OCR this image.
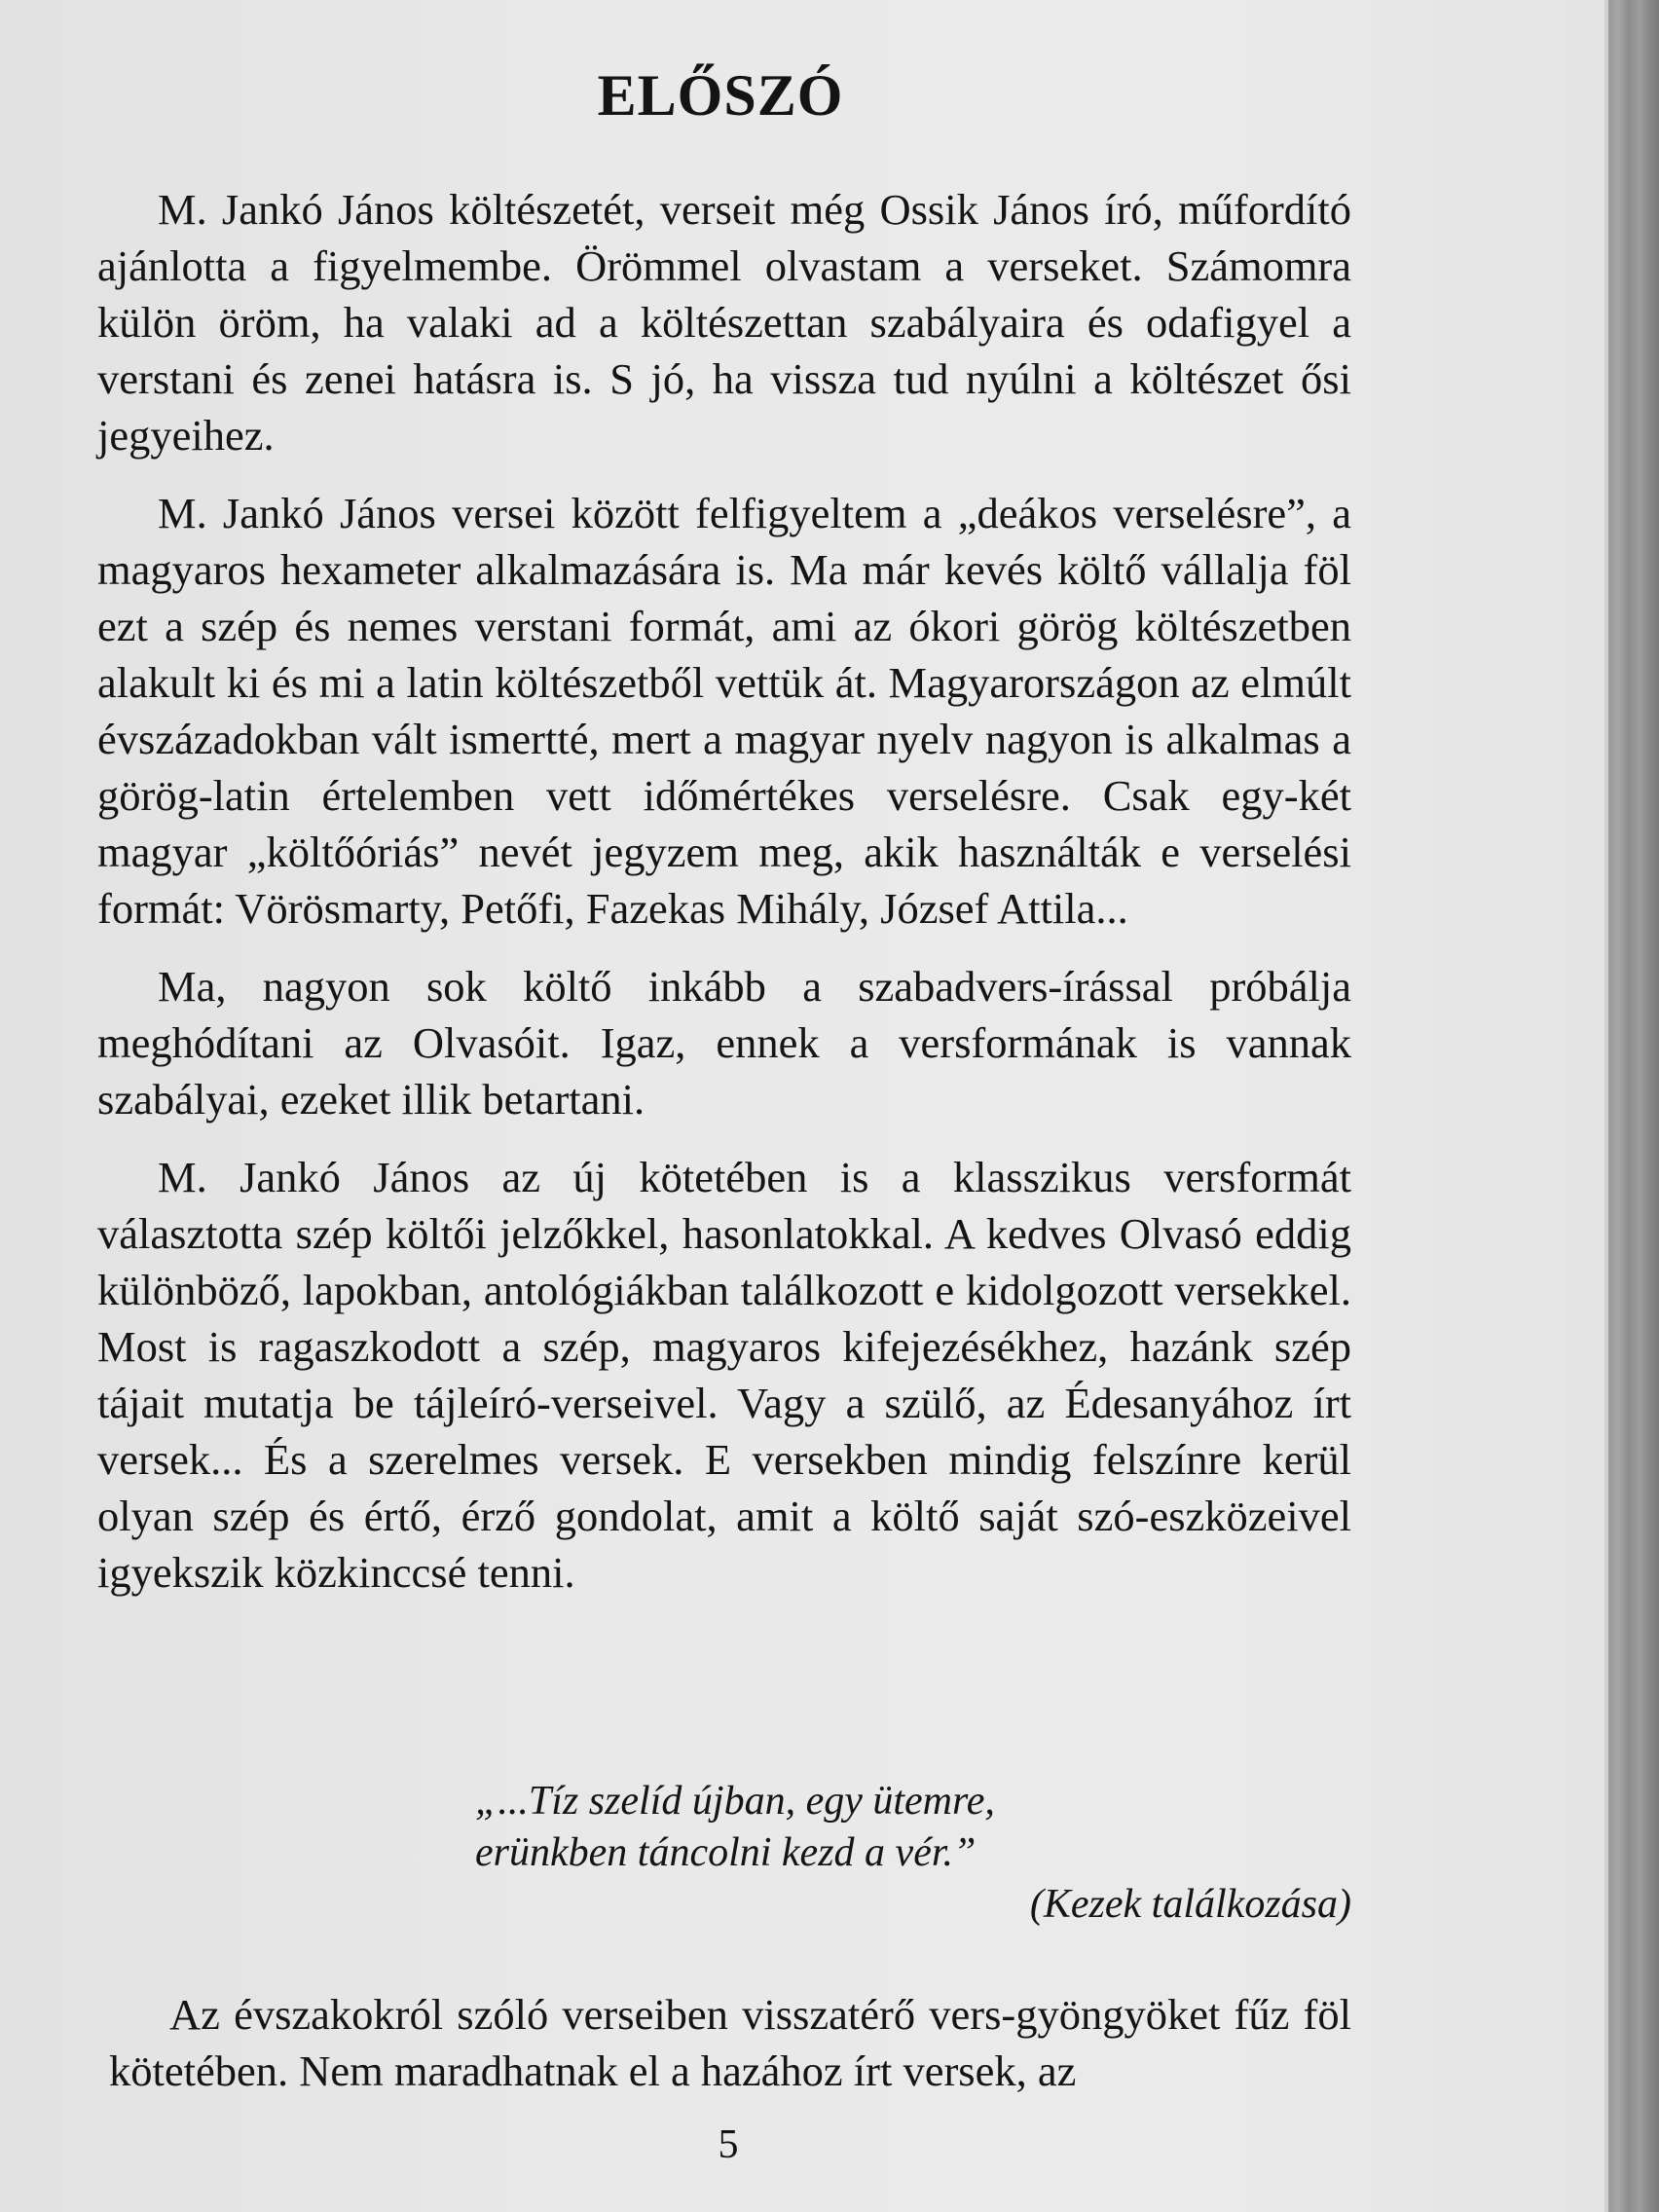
ELŐSZÓ

M. Jankó János költészetét, verseit még Ossik János író, műfordító ajánlotta a figyelmembe. Örömmel olvastam a verseket. Számomra külön öröm, ha valaki ad a költészettan szabályaira és odafigyel a verstani és zenei hatásra is. S jó, ha vissza tud nyúlni a költészet ősi jegyeihez.

M. Jankó János versei között felfigyeltem a „deákos verselésre”, a magyaros hexameter alkalmazására is. Ma már kevés költő vállalja föl ezt a szép és nemes verstani formát, ami az ókori görög költészetben alakult ki és mi a latin költészetből vettük át. Magyarországon az elmúlt évszázadokban vált ismertté, mert a magyar nyelv nagyon is alkalmas a görög-latin értelemben vett időmértékes verselésre. Csak egy-két magyar „költőóriás” nevét jegyzem meg, akik használták e verselési formát: Vörösmarty, Petőfi, Fazekas Mihály, József Attila...

Ma, nagyon sok költő inkább a szabadvers-írással próbálja meghódítani az Olvasóit. Igaz, ennek a versformának is vannak szabályai, ezeket illik betartani.

M. Jankó János az új kötetében is a klasszikus versformát választotta szép költői jelzőkkel, hasonlatokkal. A kedves Olvasó eddig különböző, lapokban, antológiákban találkozott e kidolgozott versekkel. Most is ragaszkodott a szép, magyaros kifejezésékhez, hazánk szép tájait mutatja be tájleíró-verseivel. Vagy a szülő, az Édesanyához írt versek... És a szerelmes versek. E versekben mindig felszínre kerül olyan szép és értő, érző gondolat, amit a költő saját szó-eszközeivel igyekszik közkinccsé tenni.

„...Tíz szelíd újban, egy ütemre,
erünkben táncolni kezd a vér.”
(Kezek találkozása)

Az évszakokról szóló verseiben visszatérő vers-gyöngyöket fűz föl kötetében. Nem maradhatnak el a hazához írt versek, az

5
